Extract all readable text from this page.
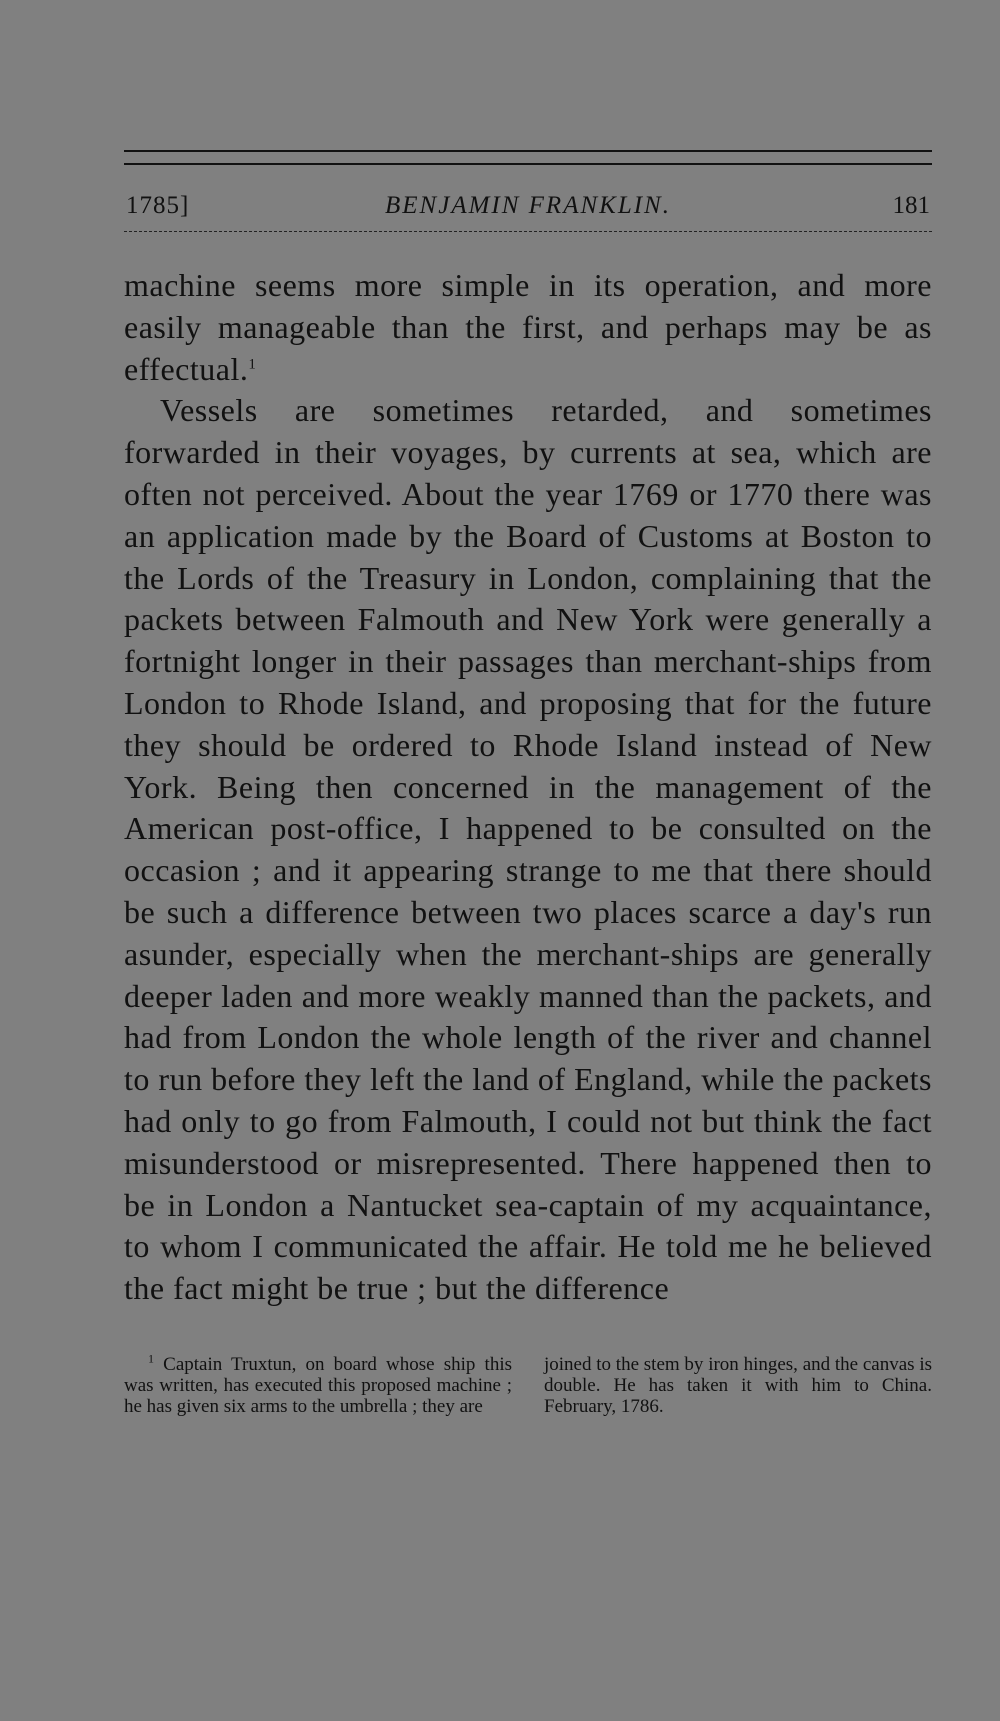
1785]	BENJAMIN FRANKLIN.	181

machine seems more simple in its operation, and more easily manageable than the first, and perhaps may be as effectual.$^1$

Vessels are sometimes retarded, and sometimes forwarded in their voyages, by currents at sea, which are often not perceived. About the year 1769 or 1770 there was an application made by the Board of Customs at Boston to the Lords of the Treasury in London, complaining that the packets between Falmouth and New York were generally a fortnight longer in their passages than merchant-ships from London to Rhode Island, and proposing that for the future they should be ordered to Rhode Island instead of New York. Being then concerned in the management of the American post-office, I happened to be consulted on the occasion ; and it appearing strange to me that there should be such a difference between two places scarce a day's run asunder, especially when the merchant-ships are generally deeper laden and more weakly manned than the packets, and had from London the whole length of the river and channel to run before they left the land of England, while the packets had only to go from Falmouth, I could not but think the fact misunderstood or misrepresented. There happened then to be in London a Nantucket sea-captain of my acquaintance, to whom I communicated the affair. He told me he believed the fact might be true ; but the difference

$^1$ Captain Truxtun, on board whose ship this was written, has executed this proposed machine ; he has given six arms to the umbrella ; they are
joined to the stem by iron hinges, and the canvas is double. He has taken it with him to China. February, 1786.
